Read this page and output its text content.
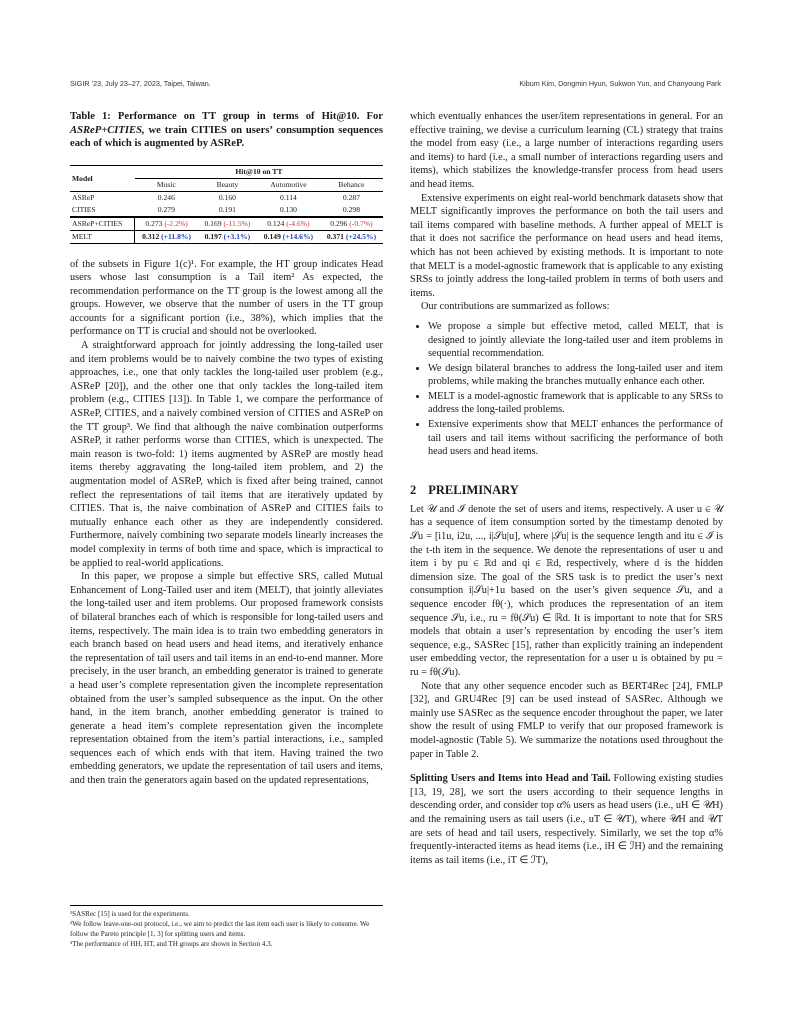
SIGIR ’23, July 23–27, 2023, Taipei, Taiwan.	Kibum Kim, Dongmin Hyun, Sukwon Yun, and Chanyoung Park
Table 1: Performance on TT group in terms of Hit@10. For ASReP+CITIES, we train CITIES on users’ consumption sequences each of which is augmented by ASReP.
Model	Hit@10 on TT			
	Music	Beauty	Automotive	Behance
ASReP	0.246	0.160	0.114	0.287
CITIES	0.279	0.191	0.130	0.298
ASReP+CITIES	0.273 (-2.2%)	0.169 (-11.5%)	0.124 (-4.6%)	0.296 (-0.7%)
MELT	0.312 (+11.8%)	0.197 (+3.1%)	0.149 (+14.6%)	0.371 (+24.5%)

of the subsets in Figure 1(c)¹. For example, the HT group indicates Head users whose last consumption is a Tail item² As expected, the recommendation performance on the TT group is the lowest among all the groups. However, we observe that the number of users in the TT group accounts for a significant portion (i.e., 38%), which implies that the performance on TT is crucial and should not be overlooked.

A straightforward approach for jointly addressing the long-tailed user and item problems would be to naively combine the two types of existing approaches, i.e., one that only tackles the long-tailed user problem (e.g., ASReP [20]), and the other one that only tackles the long-tailed item problem (e.g., CITIES [13]). In Table 1, we compare the performance of ASReP, CITIES, and a naively combined version of CITIES and ASReP on the TT group³. We find that although the naive combination outperforms ASReP, it rather performs worse than CITIES, which is unexpected. The main reason is two-fold: 1) items augmented by ASReP are mostly head items thereby aggravating the long-tailed item problem, and 2) the augmentation model of ASReP, which is fixed after being trained, cannot reflect the representations of tail items that are iteratively updated by CITIES. That is, the naive combination of ASReP and CITIES fails to mutually enhance each other as they are independently considered. Furthermore, naively combining two separate models linearly increases the model complexity in terms of both time and space, which is impractical to be applied to real-world applications.

In this paper, we propose a simple but effective SRS, called Mutual Enhancement of Long-Tailed user and item (MELT), that jointly alleviates the long-tailed user and item problems. Our proposed framework consists of bilateral branches each of which is responsible for long-tailed users and items, respectively. The main idea is to train two embedding generators in each branch based on head users and head items, and iteratively enhance the representation of tail users and tail items in an end-to-end manner. More precisely, in the user branch, an embedding generator is trained to generate a head user’s complete representation given the incomplete representation obtained from the user’s sampled subsequence as the input. On the other hand, in the item branch, another embedding generator is trained to generate a head item’s complete representation given the incomplete representation obtained from the item’s partial interactions, i.e., sampled sequences each of which ends with that item. Having trained the two embedding generators, we update the representation of tail users and items, and then train the generators again based on the updated representations,

¹SASRec [15] is used for the experiments.
²We follow leave-one-out protocol, i.e., we aim to predict the last item each user is likely to consume. We follow the Pareto principle [1, 3] for splitting users and items.
³The performance of HH, HT, and TH groups are shown in Section 4.3.

which eventually enhances the user/item representations in general. For an effective training, we devise a curriculum learning (CL) strategy that trains the model from easy (i.e., a large number of interactions regarding users and items) to hard (i.e., a small number of interactions regarding users and items), which stabilizes the knowledge-transfer process from head users and head items.

Extensive experiments on eight real-world benchmark datasets show that MELT significantly improves the performance on both the tail users and tail items compared with baseline methods. A further appeal of MELT is that it does not sacrifice the performance on head users and head items, which has not been achieved by existing methods. It is important to note that MELT is a model-agnostic framework that is applicable to any existing SRSs to jointly address the long-tailed problem in terms of both users and items.

Our contributions are summarized as follows:

• We propose a simple but effective metod, called MELT, that is designed to jointly alleviate the long-tailed user and item problems in sequential recommendation.
• We design bilateral branches to address the long-tailed user and item problems, while making the branches mutually enhance each other.
• MELT is a model-agnostic framework that is applicable to any SRSs to address the long-tailed problems.
• Extensive experiments show that MELT enhances the performance of tail users and tail items without sacrificing the performance of both head users and head items.
2 PRELIMINARY

Let 𝒰 and ℐ denote the set of users and items, respectively. A user u ∈ 𝒰 has a sequence of item consumption sorted by the timestamp denoted by 𝒮u = [i1u, i2u, ..., i|𝒮u|u], where |𝒮u| is the sequence length and itu ∈ ℐ is the t-th item in the sequence. We denote the representations of user u and item i by pu ∈ ℝd and qi ∈ ℝd, respectively, where d is the hidden dimension size. The goal of the SRS task is to predict the user’s next consumption i|𝒮u|+1u based on the user’s given sequence 𝒮u, and a sequence encoder fθ(·), which produces the representation of an item sequence 𝒮u, i.e., ru = fθ(𝒮u) ∈ ℝd. It is important to note that for SRS models that obtain a user’s representation by encoding the user’s item sequence, e.g., SASRec [15], rather than explicitly training an independent user embedding vector, the representation for a user u is obtained by pu = ru = fθ(𝒮u).

Note that any other sequence encoder such as BERT4Rec [24], FMLP [32], and GRU4Rec [9] can be used instead of SASRec. Although we mainly use SASRec as the sequence encoder throughout the paper, we later show the result of using FMLP to verify that our proposed framework is model-agnostic (Table 5). We summarize the notations used throughout the paper in Table 2.

Splitting Users and Items into Head and Tail. Following existing studies [13, 19, 28], we sort the users according to their sequence lengths in descending order, and consider top α% users as head users (i.e., uH ∈ 𝒰H) and the remaining users as tail users (i.e., uT ∈ 𝒰T), where 𝒰H and 𝒰T are sets of head and tail users, respectively. Similarly, we set the top α% frequently-interacted items as head items (i.e., iH ∈ ℐH) and the remaining items as tail items (i.e., iT ∈ ℐT),
